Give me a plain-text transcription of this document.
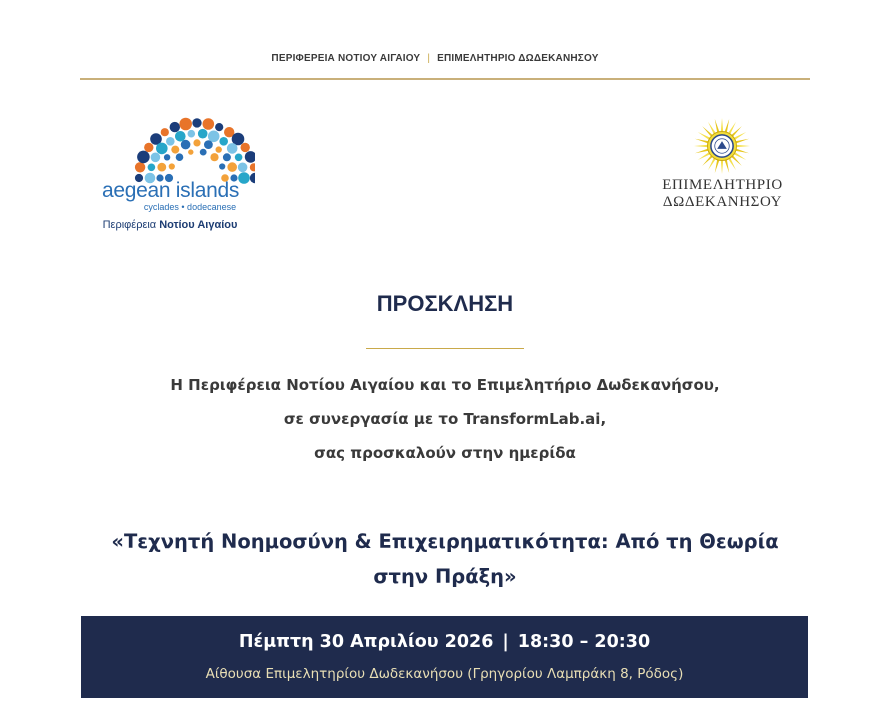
ΠΕΡΙΦΕΡΕΙΑ ΝΟΤΙΟΥ ΑΙΓΑΙΟΥ | ΕΠΙΜΕΛΗΤΗΡΙΟ ΔΩΔΕΚΑΝΗΣΟΥ
aegean islands
cyclades • dodecanese
Περιφέρεια Νοτίου Αιγαίου
ΕΠΙΜΕΛΗΤΗΡΙΟ
ΔΩΔΕΚΑΝΗΣΟΥ
ΠΡΟΣΚΛΗΣΗ
Η Περιφέρεια Νοτίου Αιγαίου και το Επιμελητήριο Δωδεκανήσου,
σε συνεργασία με το TransformLab.ai,
σας προσκαλούν στην ημερίδα
«Τεχνητή Νοημοσύνη & Επιχειρηματικότητα: Από τη Θεωρία
στην Πράξη»
Πέμπτη 30 Απριλίου 2026 | 18:30 – 20:30
Αίθουσα Επιμελητηρίου Δωδεκανήσου (Γρηγορίου Λαμπράκη 8, Ρόδος)
